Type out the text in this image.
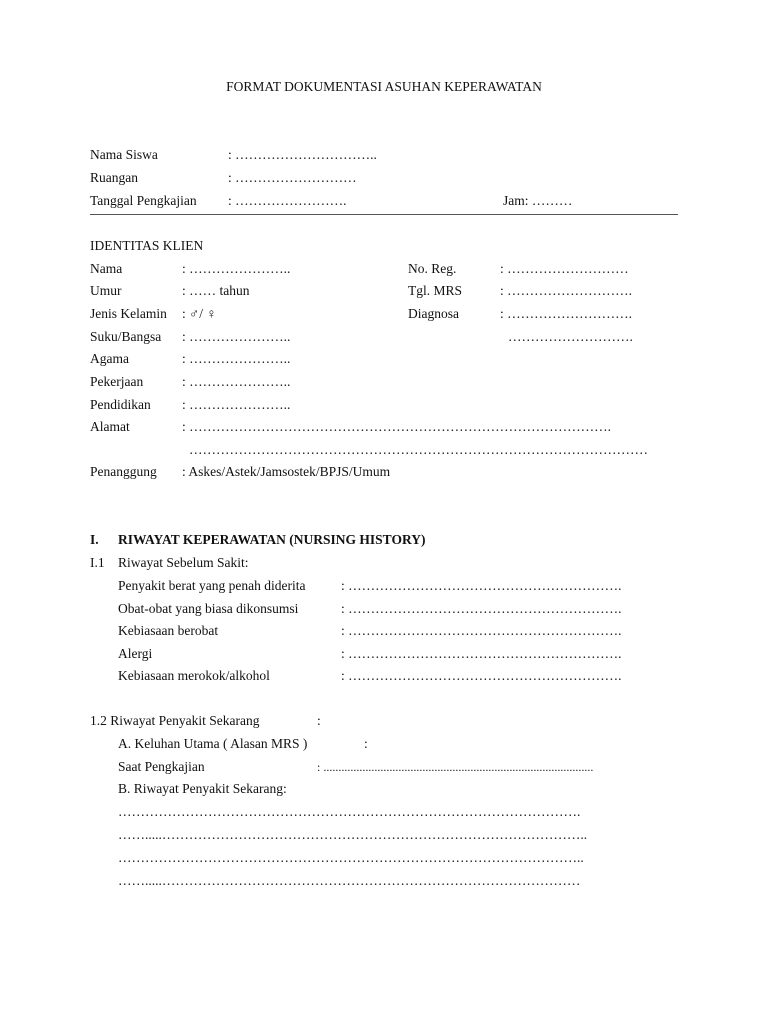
FORMAT DOKUMENTASI ASUHAN KEPERAWATAN
Nama Siswa	: …………………………..
Ruangan	: ………………………
Tanggal Pengkajian : …………………….	Jam: ………
IDENTITAS KLIEN
Nama	: …………………..	No. Reg.	: ………………………
Umur	: …… tahun	Tgl. MRS	: ……………………….
Jenis Kelamin : ♂/ ♀	Diagnosa	: ……………………….
Suku/Bangsa : …………………..	……………………….
Agama	: …………………..
Pekerjaan	: …………………..
Pendidikan : …………………..
Alamat	: ………………………………………………………………………………….
…………………………………………………………………………………………
Penanggung : Askes/Astek/Jamsostek/BPJS/Umum
I. RIWAYAT KEPERAWATAN (NURSING HISTORY)
I.1 Riwayat Sebelum Sakit:
Penyakit berat yang penah diderita	: …………………………………………………….
Obat-obat yang biasa dikonsumsi	: …………………………………………………….
Kebiasaan berobat	: …………………………………………………….
Alergi	: …………………………………………………….
Kebiasaan merokok/alkohol	: …………………………………………………….
1.2 Riwayat Penyakit Sekarang	:
A. Keluhan Utama ( Alasan MRS )	:
Saat Pengkajian	: ..........................................................................................
B. Riwayat Penyakit Sekarang:
………………………………………………………………………………………….
…….....…………………………………………………………………………………..
…………………………………………………………………………………………..
…….....…………………………………………………………………………………
